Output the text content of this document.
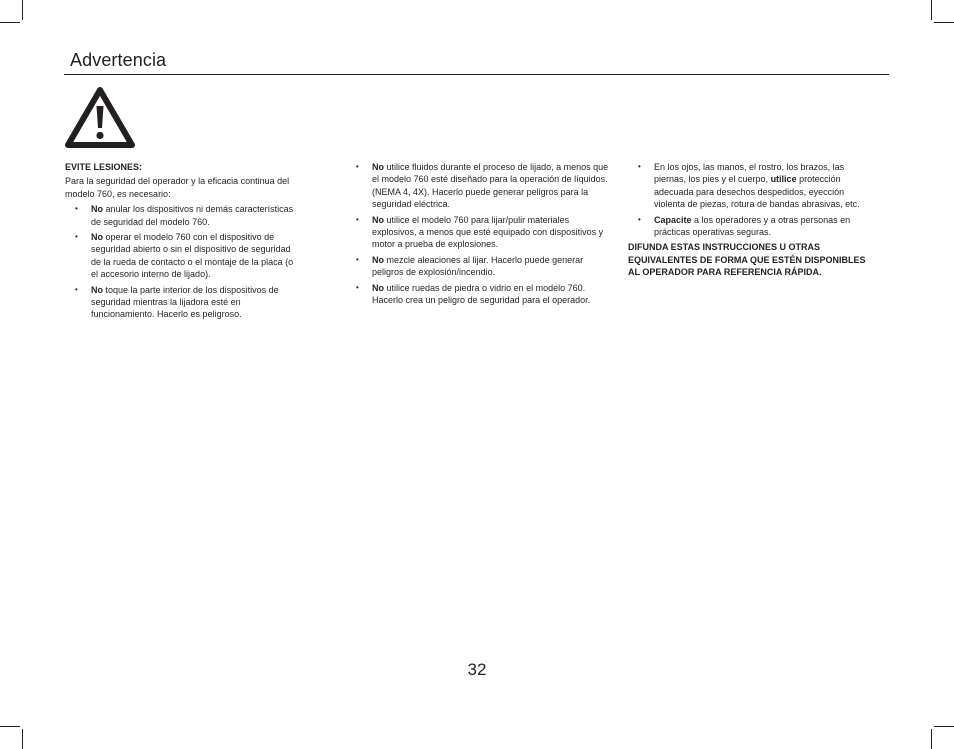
Advertencia

EVITE LESIONES:

Para la seguridad del operador y la eficacia continua del modelo 760, es necesario:

• No anular los dispositivos ni demás características de seguridad del modelo 760.
• No operar el modelo 760 con el dispositivo de seguridad abierto o sin el dispositivo de seguridad de la rueda de contacto o el montaje de la placa (o el accesorio interno de lijado).
• No toque la parte interior de los dispositivos de seguridad mientras la lijadora esté en funcionamiento. Hacerlo es peligroso.
• No utilice fluidos durante el proceso de lijado, a menos que el modelo 760 esté diseñado para la operación de líquidos. (NEMA 4, 4X). Hacerlo puede generar peligros para la seguridad eléctrica.
• No utilice el modelo 760 para lijar/pulir materiales explosivos, a menos que esté equipado con dispositivos y motor a prueba de explosiones.
• No mezcle aleaciones al lijar. Hacerlo puede generar peligros de explosión/incendio.
• No utilice ruedas de piedra o vidrio en el modelo 760. Hacerlo crea un peligro de seguridad para el operador.
• En los ojos, las manos, el rostro, los brazos, las piernas, los pies y el cuerpo, utilice protección adecuada para desechos despedidos, eyección violenta de piezas, rotura de bandas abrasivas, etc.
• Capacite a los operadores y a otras personas en prácticas operativas seguras.

DIFUNDA ESTAS INSTRUCCIONES U OTRAS EQUIVALENTES DE FORMA QUE ESTÉN DISPONIBLES AL OPERADOR PARA REFERENCIA RÁPIDA.

32
